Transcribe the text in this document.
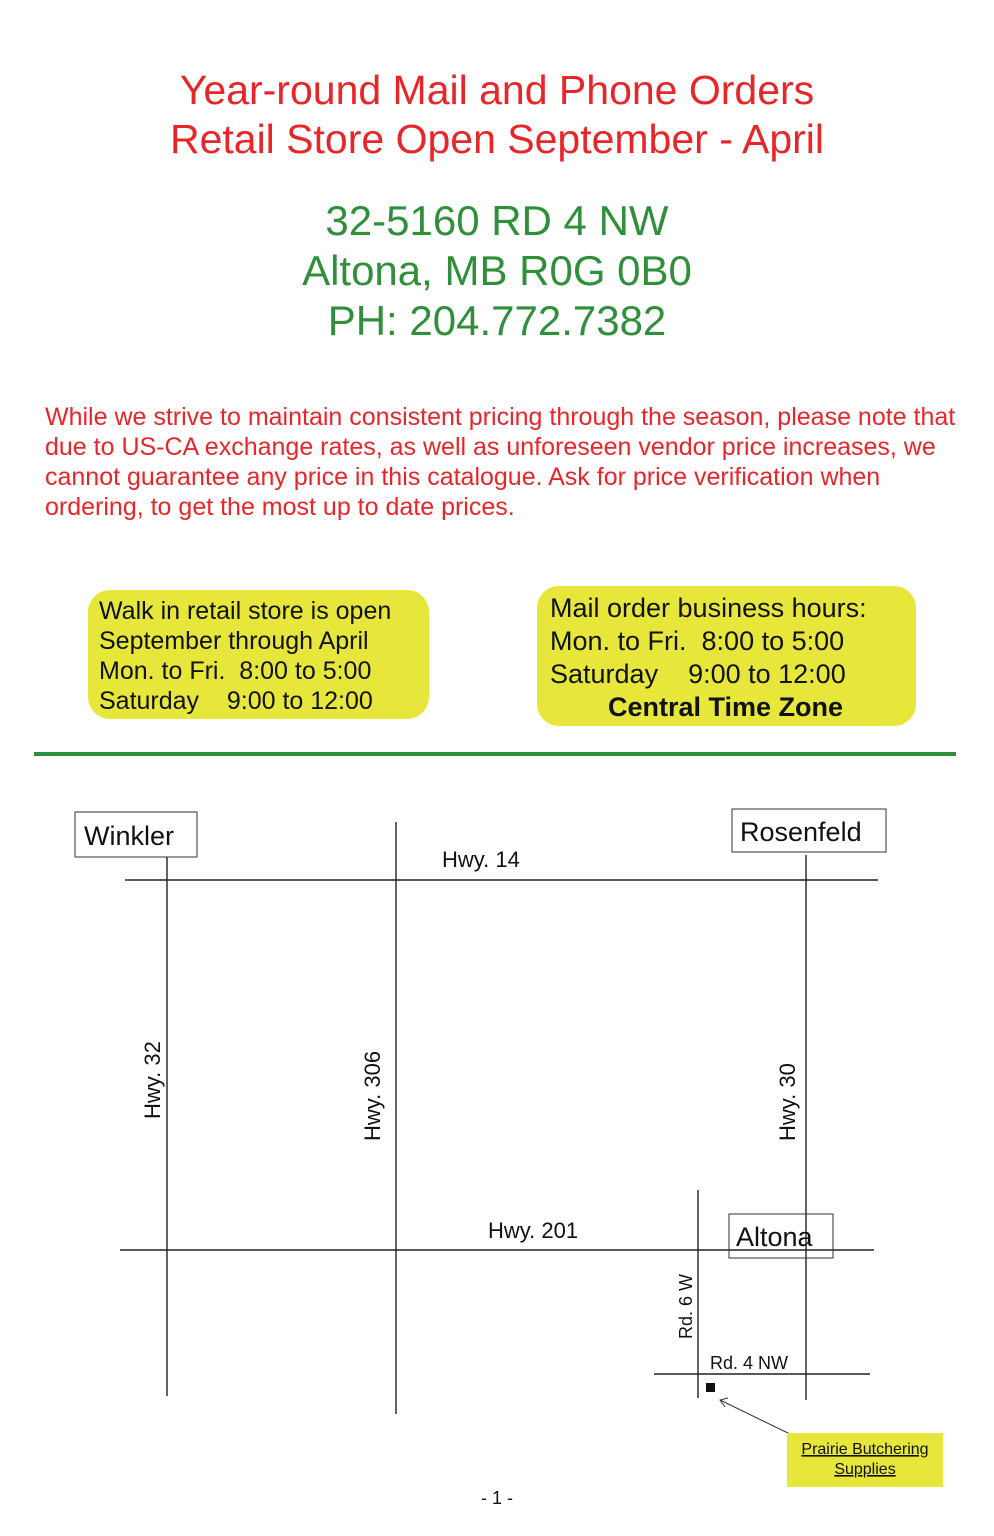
Year-round Mail and Phone Orders
Retail Store Open September - April
32-5160 RD 4 NW
Altona, MB R0G 0B0
PH: 204.772.7382
While we strive to maintain consistent pricing through the season, please note that due to US-CA exchange rates, as well as unforeseen vendor price increases, we cannot guarantee any price in this catalogue. Ask for price verification when ordering, to get the most up to date prices.
Walk in retail store is open
September through April
Mon. to Fri.  8:00 to 5:00
Saturday    9:00 to 12:00
Mail order business hours:
Mon. to Fri.  8:00 to 5:00
Saturday    9:00 to 12:00
Central Time Zone
Winkler	Rosenfeld
Altona
Hwy. 14
Hwy. 201
Hwy. 32	Hwy. 306	Hwy. 30
Rd. 6 W
Rd. 4 NW
Prairie Butchering
Supplies
- 1 -
